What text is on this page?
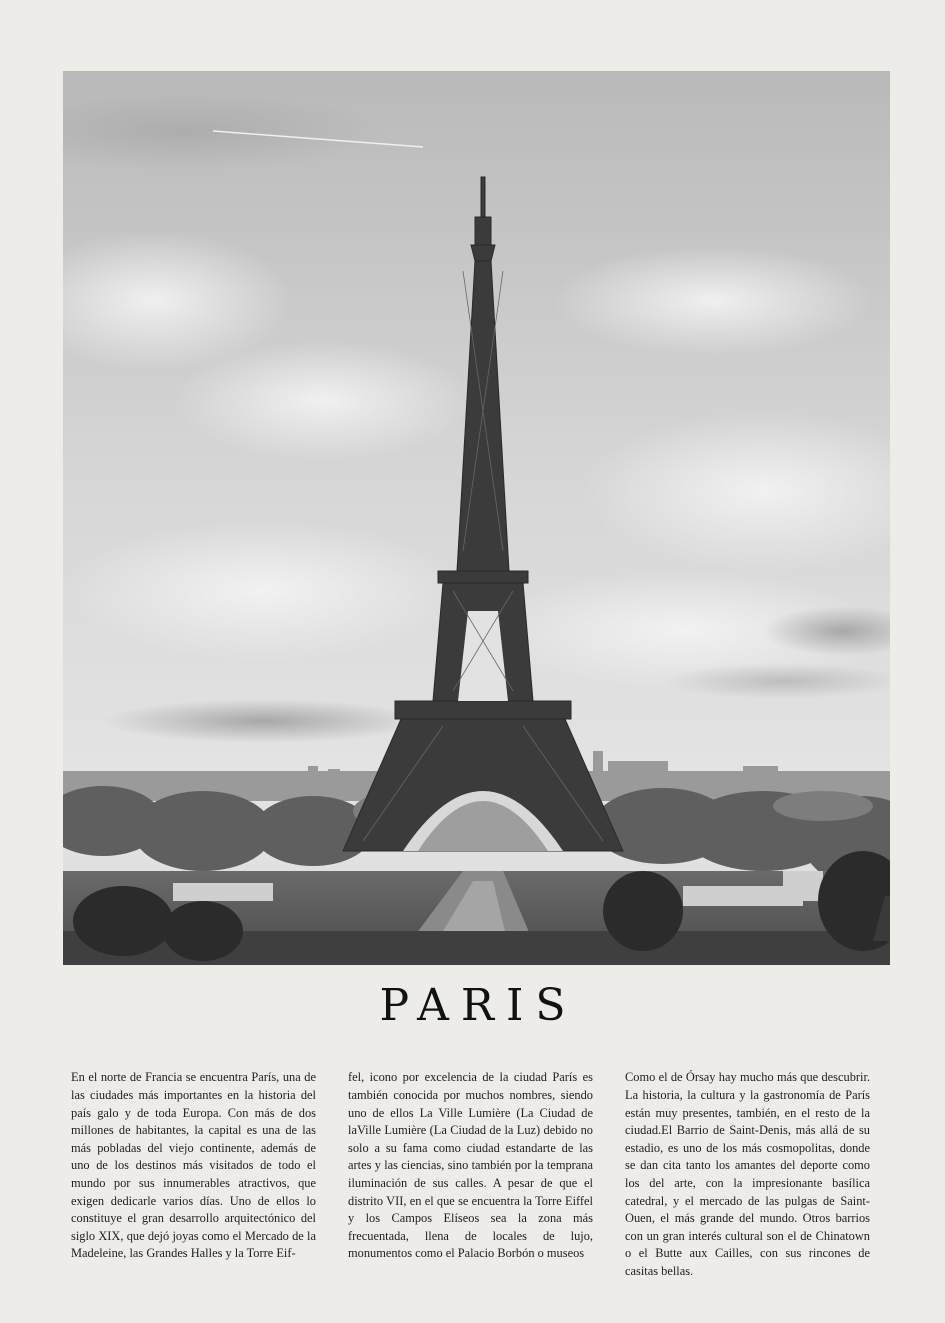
PARIS

En el norte de Francia se encuentra París, una de las ciudades más importantes en la historia del país galo y de toda Europa. Con más de dos millones de habitantes, la capital es una de las más pobladas del viejo continente, además de uno de los destinos más visitados de todo el mundo por sus innumerables atractivos, que exigen dedicarle varios días. Uno de ellos lo constituye el gran desarrollo arquitectónico del siglo XIX, que dejó joyas como el Mercado de la Madeleine, las Grandes Halles y la Torre Eif-

fel, icono por excelencia de la ciudad París es también conocida por muchos nombres, siendo uno de ellos La Ville Lumière (La Ciudad de laVille Lumière (La Ciudad de la Luz) debido no solo a su fama como ciudad estandarte de las artes y las ciencias, sino también por la temprana iluminación de sus calles. A pesar de que el distrito VII, en el que se encuentra la Torre Eiffel y los Campos Elíseos sea la zona más frecuentada, llena de locales de lujo, monumentos como el Palacio Borbón o museos

Como el de Órsay hay mucho más que descubrir. La historia, la cultura y la gastronomía de París están muy presentes, también, en el resto de la ciudad.El Barrio de Saint-Denis, más allá de su estadio, es uno de los más cosmopolitas, donde se dan cita tanto los amantes del deporte como los del arte, con la impresionante basílica catedral, y el mercado de las pulgas de Saint-Ouen, el más grande del mundo. Otros barrios con un gran interés cultural son el de Chinatown o el Butte aux Cailles, con sus rincones de casitas bellas.
